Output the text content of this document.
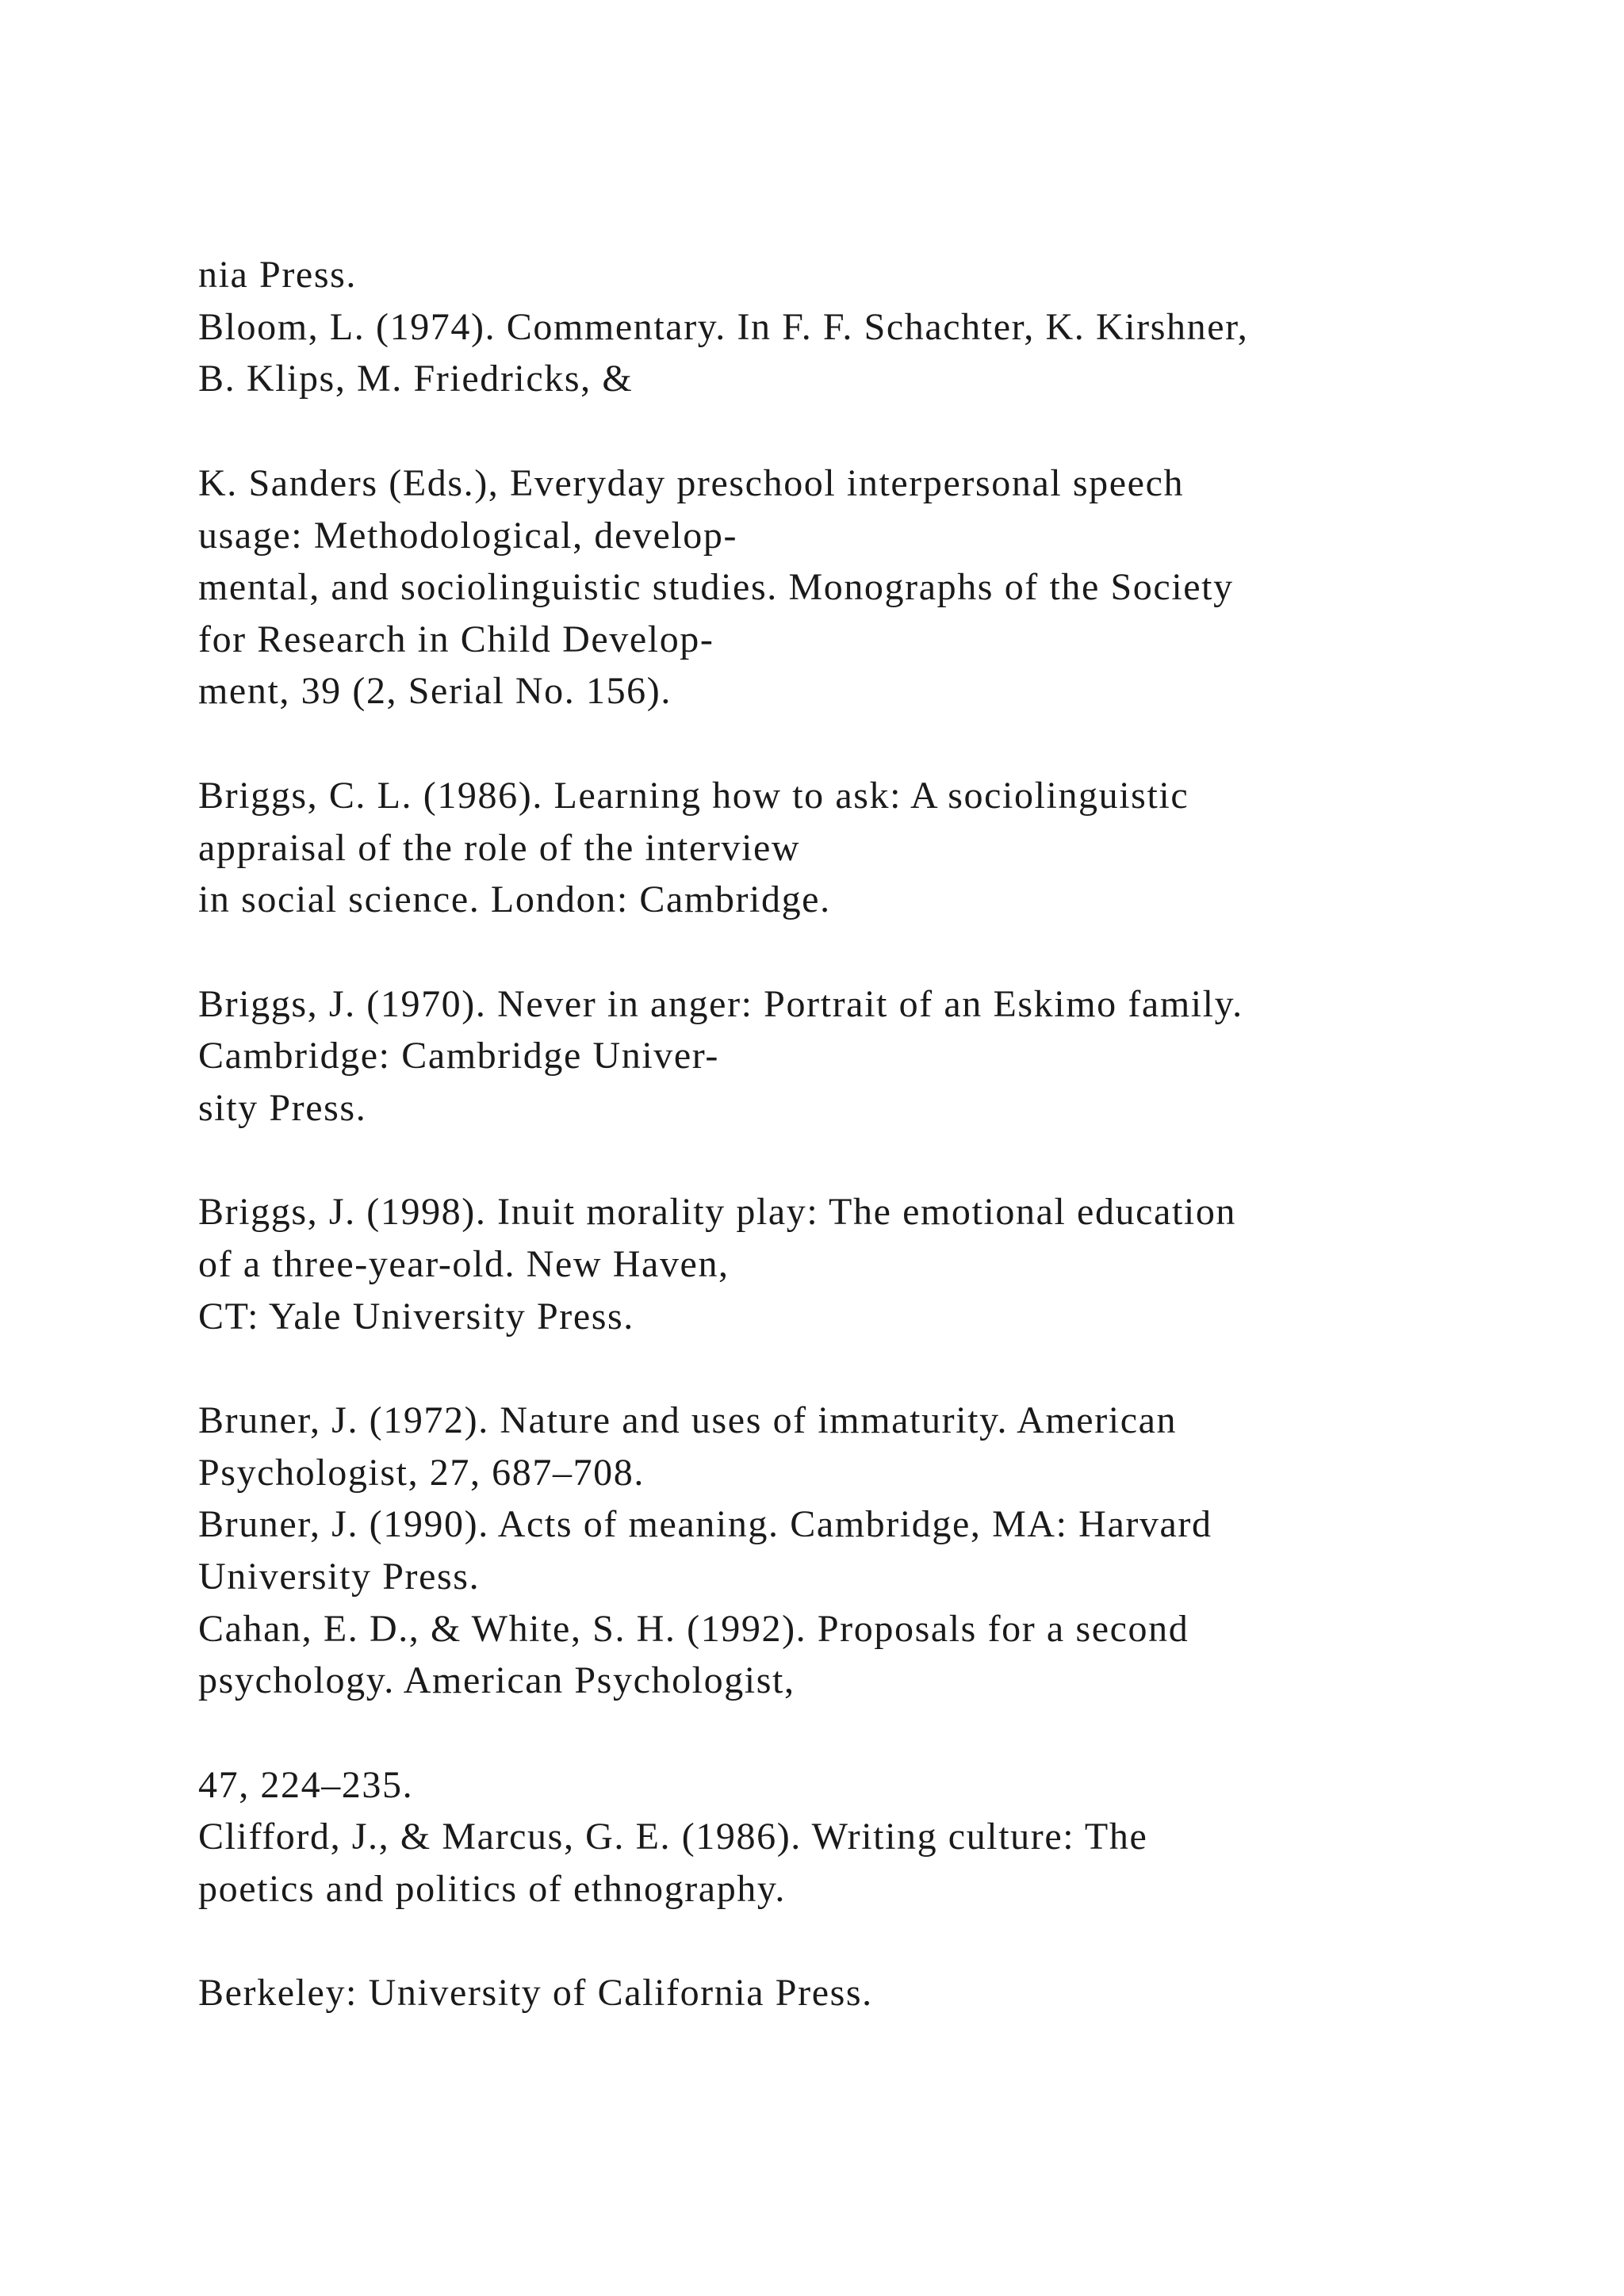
nia Press.

Bloom, L. (1974). Commentary. In F. F. Schachter, K. Kirshner,

B. Klips, M. Friedricks, &

K. Sanders (Eds.), Everyday preschool interpersonal speech

usage: Methodological, develop-

mental, and sociolinguistic studies. Monographs of the Society

for Research in Child Develop-

ment, 39 (2, Serial No. 156).

Briggs, C. L. (1986). Learning how to ask: A sociolinguistic

appraisal of the role of the interview

in social science. London: Cambridge.

Briggs, J. (1970). Never in anger: Portrait of an Eskimo family.

Cambridge: Cambridge Univer-

sity Press.

Briggs, J. (1998). Inuit morality play: The emotional education

of a three-year-old. New Haven,

CT: Yale University Press.

Bruner, J. (1972). Nature and uses of immaturity. American

Psychologist, 27, 687–708.

Bruner, J. (1990). Acts of meaning. Cambridge, MA: Harvard

University Press.

Cahan, E. D., & White, S. H. (1992). Proposals for a second

psychology. American Psychologist,

47, 224–235.

Clifford, J., & Marcus, G. E. (1986). Writing culture: The

poetics and politics of ethnography.

Berkeley: University of California Press.
